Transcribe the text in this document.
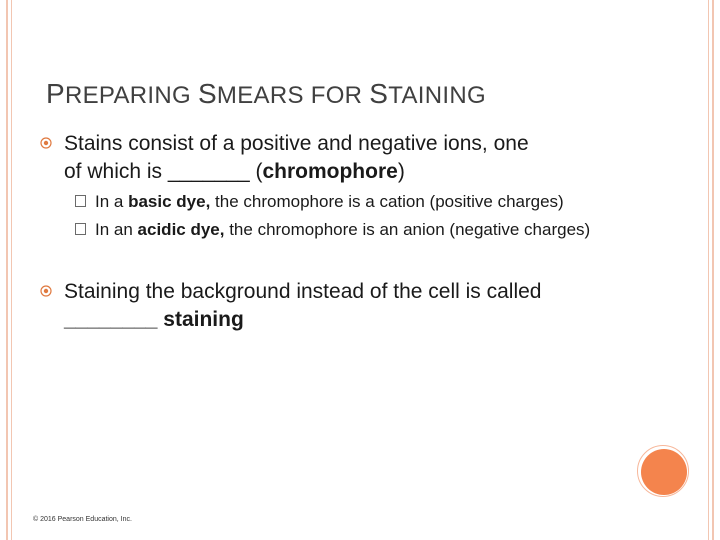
PREPARING SMEARS FOR STAINING
Stains consist of a positive and negative ions, one
of which is _______ (chromophore)
In a basic dye, the chromophore is a cation (positive charges)
In an acidic dye, the chromophore is an anion (negative charges)
Staining the background instead of the cell is called
________ staining
© 2016 Pearson Education, Inc.
